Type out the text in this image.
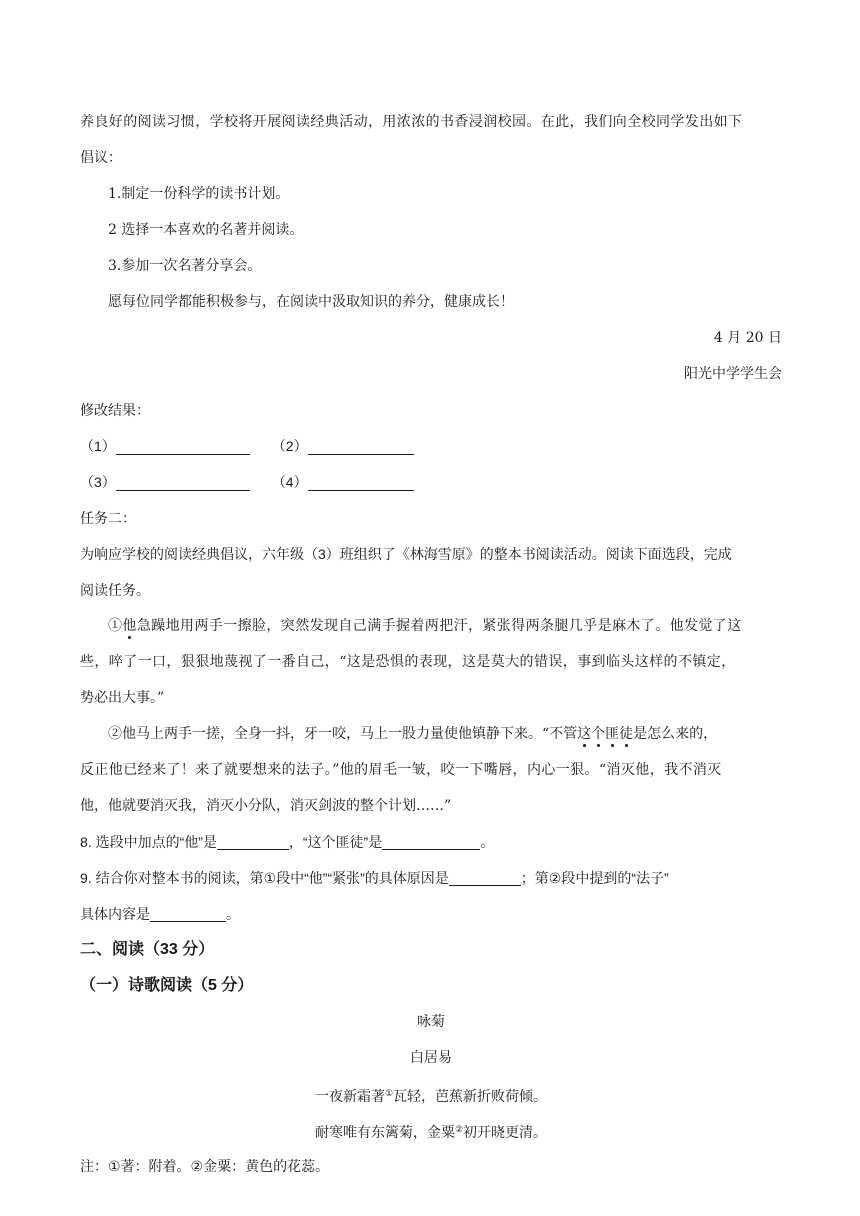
养良好的阅读习惯，学校将开展阅读经典活动，用浓浓的书香浸润校园。在此，我们向全校同学发出如下
倡议：
1.制定一份科学的读书计划。
2 选择一本喜欢的名著并阅读。
3.参加一次名著分享会。
愿每位同学都能积极参与，在阅读中汲取知识的养分，健康成长！
4 月 20 日
阳光中学学生会
修改结果：
（1）	（2）
（3）	（4）
任务二：
为响应学校的阅读经典倡议，六年级（3）班组织了《林海雪原》的整本书阅读活动。阅读下面选段，完成
阅读任务。
①他急躁地用两手一擦脸，突然发现自己满手握着两把汗，紧张得两条腿几乎是麻木了。他发觉了这
些，啐了一口，狠狠地蔑视了一番自己，“这是恐惧的表现，这是莫大的错误，事到临头这样的不镇定，
势必出大事。”
②他马上两手一搓，全身一抖，牙一咬，马上一股力量使他镇静下来。“不管这个匪徒是怎么来的，
反正他已经来了！来了就要想来的法子。”他的眉毛一皱，咬一下嘴唇，内心一狠。“消灭他，我不消灭
他，他就要消灭我，消灭小分队，消灭剑波的整个计划……”
8. 选段中加点的“他”是	，“这个匪徒”是	。
9. 结合你对整本书的阅读，第①段中“他”“紧张”的具体原因是	；第②段中提到的“法子”
具体内容是	。
二、阅读（33 分）
（一）诗歌阅读（5 分）
咏菊
白居易
一夜新霜著①瓦轻，芭蕉新折败荷倾。
耐寒唯有东篱菊，金粟②初开晓更清。
注：①著：附着。②金粟：黄色的花蕊。
